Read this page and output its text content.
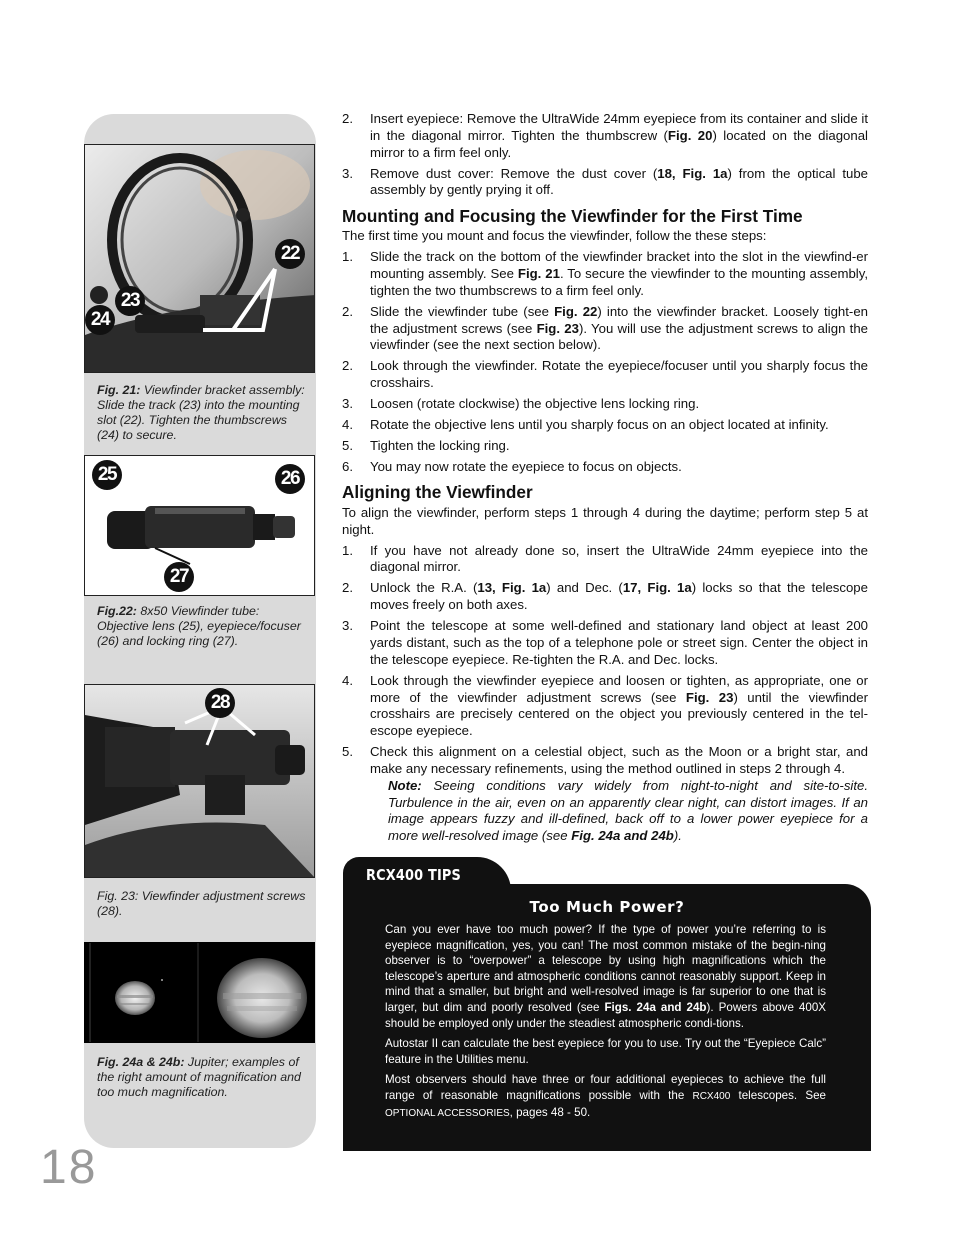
22
23
24
Fig. 21: Viewfinder bracket assembly: Slide the track (23) into the mounting slot (22). Tighten the thumbscrews (24) to secure.
25	26
27
Fig.22: 8x50 Viewfinder tube: Objective lens (25), eyepiece/focuser (26) and locking ring (27).
28
Fig. 23: Viewfinder adjustment screws (28).
Fig. 24a & 24b: Jupiter; examples of the right amount of magnification and too much magnification.
18
2.	Insert eyepiece: Remove the UltraWide 24mm eyepiece from its container and slide it in the diagonal mirror. Tighten the thumbscrew (Fig. 20) located on the diagonal mirror to a firm feel only.
3.	Remove dust cover: Remove the dust cover (18, Fig. 1a) from the optical tube assembly by gently prying it off.
Mounting and Focusing the Viewfinder for the First Time
The first time you mount and focus the viewfinder, follow the these steps:
1.	Slide the track on the bottom of the viewfinder bracket into the slot in the viewfind-er mounting assembly. See Fig. 21. To secure the viewfinder to the mounting assembly, tighten the two thumbscrews to a firm feel only.
2.	Slide the viewfinder tube (see Fig. 22) into the viewfinder bracket. Loosely tight-en the adjustment screws (see Fig. 23). You will use the adjustment screws to align the viewfinder (see the next section below).
2.	Look through the viewfinder. Rotate the eyepiece/focuser until you sharply focus the crosshairs.
3.	Loosen (rotate clockwise) the objective lens locking ring.
4.	Rotate the objective lens until you sharply focus on an object located at infinity.
5.	Tighten the locking ring.
6.	You may now rotate the eyepiece to focus on objects.
Aligning the Viewfinder
To align the viewfinder, perform steps 1 through 4 during the daytime; perform step 5 at night.
1.	If you have not already done so, insert the UltraWide 24mm eyepiece into the diagonal mirror.
2.	Unlock the R.A. (13, Fig. 1a) and Dec. (17, Fig. 1a) locks so that the telescope moves freely on both axes.
3.	Point the telescope at some well-defined and stationary land object at least 200 yards distant, such as the top of a telephone pole or street sign. Center the object in the telescope eyepiece. Re-tighten the R.A. and Dec. locks.
4.	Look through the viewfinder eyepiece and loosen or tighten, as appropriate, one or more of the viewfinder adjustment screws (see Fig. 23) until the viewfinder crosshairs are precisely centered on the object you previously centered in the tel-escope eyepiece.
5.	Check this alignment on a celestial object, such as the Moon or a bright star, and make any necessary refinements, using the method outlined in steps 2 through 4.
Note: Seeing conditions vary widely from night-to-night and site-to-site. Turbulence in the air, even on an apparently clear night, can distort images. If an image appears fuzzy and ill-defined, back off to a lower power eyepiece for a more well-resolved image (see Fig. 24a and 24b).
RCX400 TIPS
Too Much Power?

Can you ever have too much power? If the type of power you’re referring to is eyepiece magnification, yes, you can! The most common mistake of the begin-ning observer is to “overpower” a telescope by using high magnifications which the telescope’s aperture and atmospheric conditions cannot reasonably support. Keep in mind that a smaller, but bright and well-resolved image is far superior to one that is larger, but dim and poorly resolved (see Figs. 24a and 24b). Powers above 400X should be employed only under the steadiest atmospheric condi-tions.

Autostar II can calculate the best eyepiece for you to use. Try out the “Eyepiece Calc” feature in the Utilities menu.

Most observers should have three or four additional eyepieces to achieve the full range of reasonable magnifications possible with the RCX400 telescopes. See OPTIONAL ACCESSORIES, pages 48 - 50.
